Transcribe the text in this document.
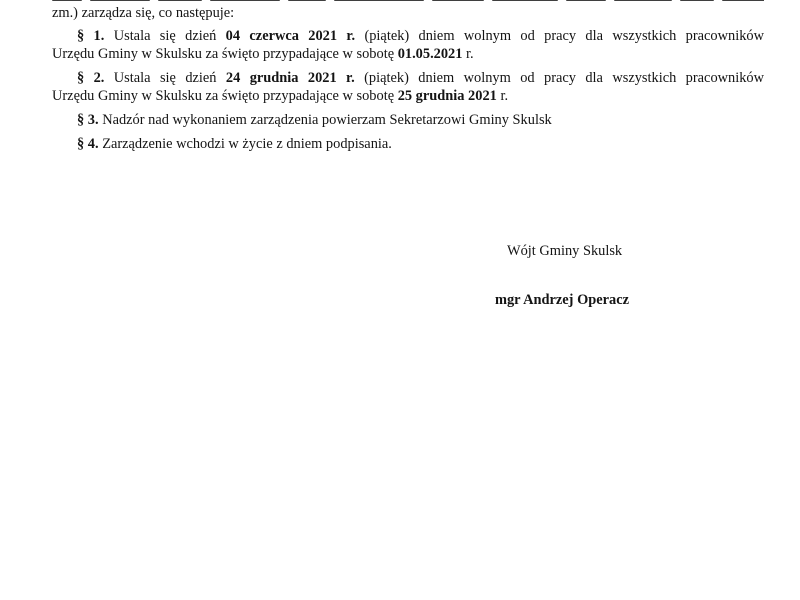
zm.) zarządza się, co następuje:
§ 1. Ustala się dzień 04 czerwca 2021 r. (piątek) dniem wolnym od pracy dla wszystkich pracowników
Urzędu Gminy w Skulsku za święto przypadające w sobotę 01.05.2021 r.
§ 2. Ustala się dzień 24 grudnia 2021 r. (piątek) dniem wolnym od pracy dla wszystkich pracowników
Urzędu Gminy w Skulsku za święto przypadające w sobotę 25 grudnia 2021 r.
§ 3. Nadzór nad wykonaniem zarządzenia powierzam Sekretarzowi Gminy Skulsk
§ 4. Zarządzenie wchodzi w życie z dniem podpisania.
Wójt Gminy Skulsk
mgr Andrzej Operacz
